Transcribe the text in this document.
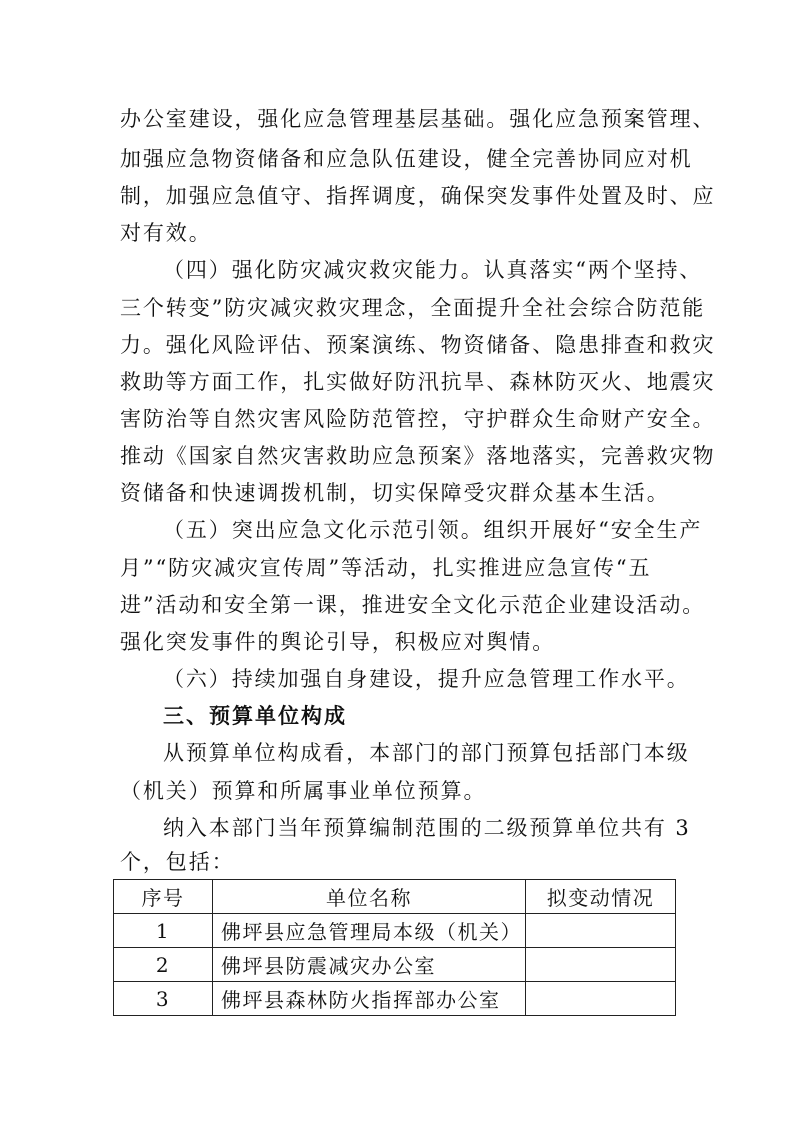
办公室建设，强化应急管理基层基础。强化应急预案管理、
加强应急物资储备和应急队伍建设，健全完善协同应对机
制，加强应急值守、指挥调度，确保突发事件处置及时、应
对有效。
（四）强化防灾减灾救灾能力。认真落实“两个坚持、
三个转变”防灾减灾救灾理念，全面提升全社会综合防范能
力。强化风险评估、预案演练、物资储备、隐患排查和救灾
救助等方面工作，扎实做好防汛抗旱、森林防灭火、地震灾
害防治等自然灾害风险防范管控，守护群众生命财产安全。
推动《国家自然灾害救助应急预案》落地落实，完善救灾物
资储备和快速调拨机制，切实保障受灾群众基本生活。
（五）突出应急文化示范引领。组织开展好“安全生产
月”“防灾减灾宣传周”等活动，扎实推进应急宣传“五
进”活动和安全第一课，推进安全文化示范企业建设活动。
强化突发事件的舆论引导，积极应对舆情。
（六）持续加强自身建设，提升应急管理工作水平。
三、预算单位构成
从预算单位构成看，本部门的部门预算包括部门本级
（机关）预算和所属事业单位预算。
纳入本部门当年预算编制范围的二级预算单位共有 3
个，包括：
序号	单位名称	拟变动情况
1	佛坪县应急管理局本级（机关）	
2	佛坪县防震减灾办公室	
3	佛坪县森林防火指挥部办公室	
